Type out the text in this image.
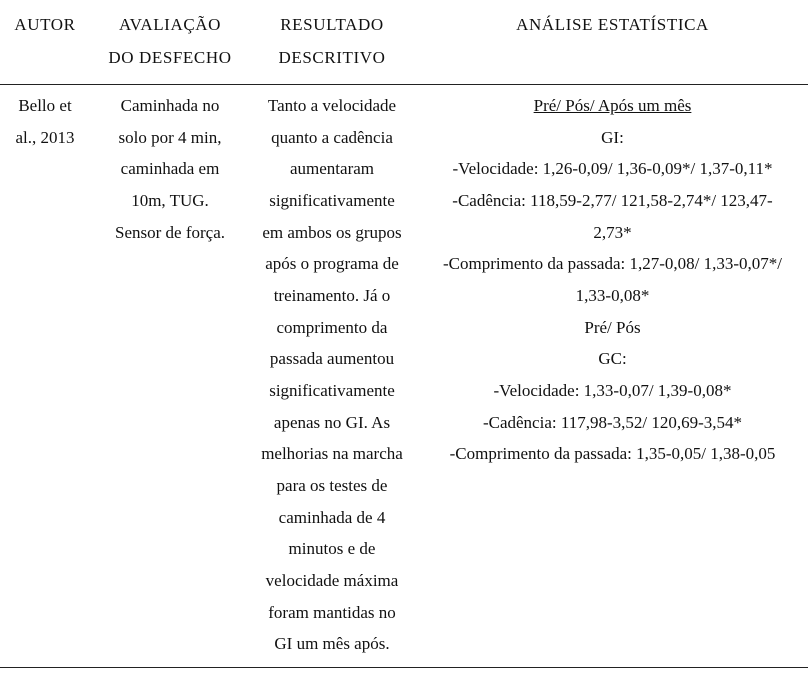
AUTOR	AVALIAÇÃO
DO DESFECHO
RESULTADO
DESCRITIVO
ANÁLISE ESTATÍSTICA
Bello et
al., 2013
Caminhada no
solo por 4 min,
caminhada em
10m, TUG.
Sensor de força.
Tanto a velocidade
quanto a cadência
aumentaram
significativamente
em ambos os grupos
após o programa de
treinamento. Já o
comprimento da
passada aumentou
significativamente
apenas no GI. As
melhorias na marcha
para os testes de
caminhada de 4
minutos e de
velocidade máxima
foram mantidas no
GI um mês após.
Pré/ Pós/ Após um mês
GI:
-Velocidade: 1,26-0,09/ 1,36-0,09*/ 1,37-0,11*
-Cadência: 118,59-2,77/ 121,58-2,74*/ 123,47-
2,73*
-Comprimento da passada: 1,27-0,08/ 1,33-0,07*/
1,33-0,08*
Pré/ Pós
GC:
-Velocidade: 1,33-0,07/ 1,39-0,08*
-Cadência: 117,98-3,52/ 120,69-3,54*
-Comprimento da passada: 1,35-0,05/ 1,38-0,05
